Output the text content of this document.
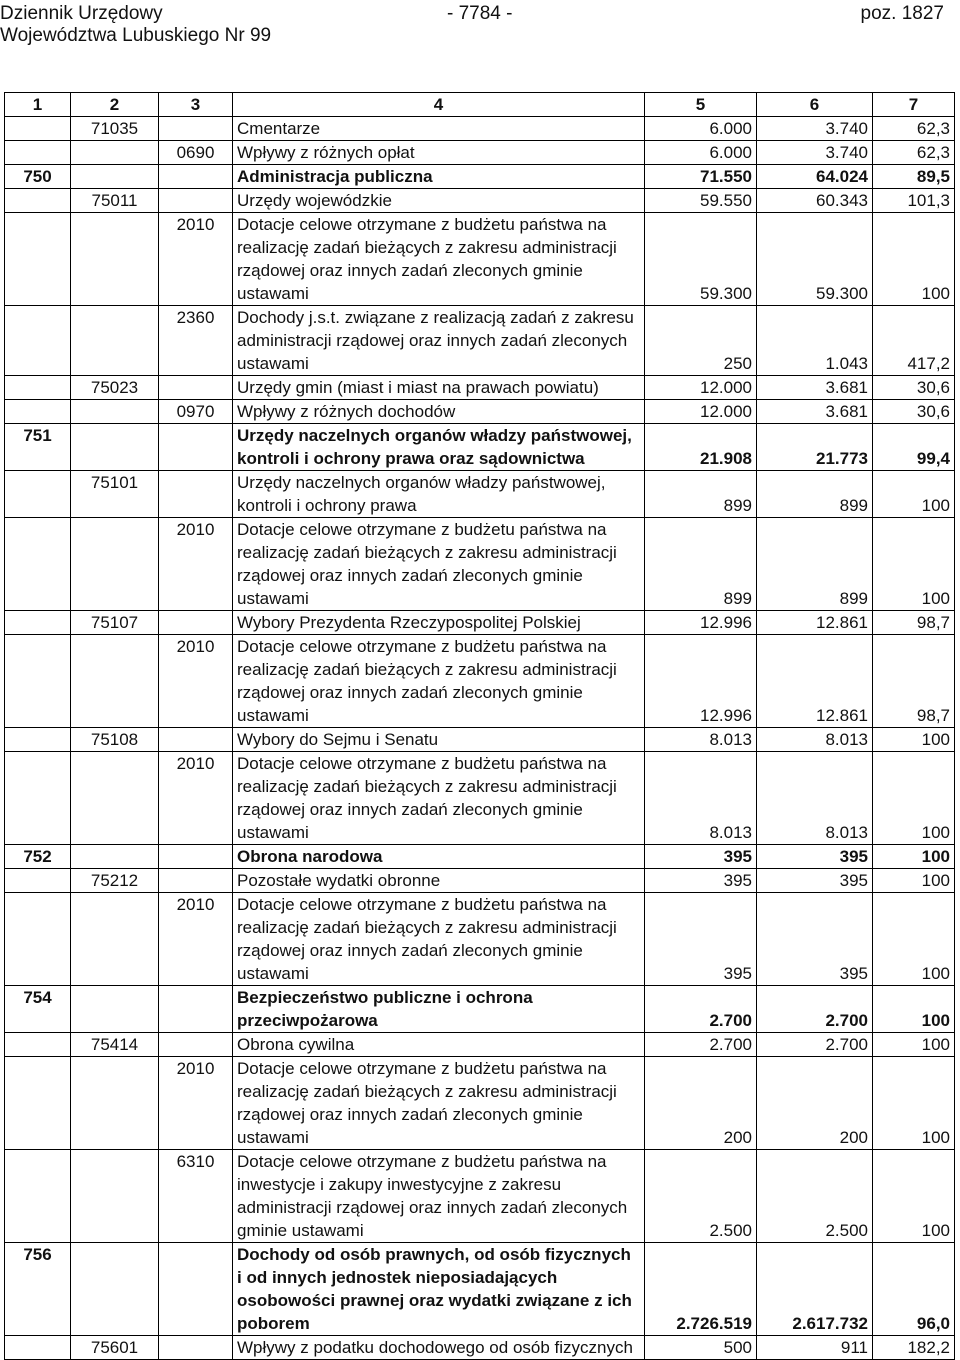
Dziennik Urzędowy
Województwa Lubuskiego Nr 99
- 7784 -	poz. 1827
1	2	3	4	5	6	7
	71035		Cmentarze	6.000	3.740	62,3
		0690	Wpływy z różnych opłat	6.000	3.740	62,3
750			Administracja publiczna	71.550	64.024	89,5
	75011		Urzędy wojewódzkie	59.550	60.343	101,3
		2010	Dotacje celowe otrzymane z budżetu państwa na realizację zadań bieżących z zakresu administracji rządowej oraz innych zadań zleconych gminie ustawami	59.300	59.300	100
		2360	Dochody j.s.t. związane z realizacją zadań z zakresu administracji rządowej oraz innych zadań zleconych ustawami	250	1.043	417,2
	75023		Urzędy gmin (miast i miast na prawach powiatu)	12.000	3.681	30,6
		0970	Wpływy z różnych dochodów	12.000	3.681	30,6
751			Urzędy naczelnych organów władzy państwowej, kontroli i ochrony prawa oraz sądownictwa	21.908	21.773	99,4
	75101		Urzędy naczelnych organów władzy państwowej, kontroli i ochrony prawa	899	899	100
		2010	Dotacje celowe otrzymane z budżetu państwa na realizację zadań bieżących z zakresu administracji rządowej oraz innych zadań zleconych gminie ustawami	899	899	100
	75107		Wybory Prezydenta Rzeczypospolitej Polskiej	12.996	12.861	98,7
		2010	Dotacje celowe otrzymane z budżetu państwa na realizację zadań bieżących z zakresu administracji rządowej oraz innych zadań zleconych gminie ustawami	12.996	12.861	98,7
	75108		Wybory do Sejmu i Senatu	8.013	8.013	100
		2010	Dotacje celowe otrzymane z budżetu państwa na realizację zadań bieżących z zakresu administracji rządowej oraz innych zadań zleconych gminie ustawami	8.013	8.013	100
752			Obrona narodowa	395	395	100
	75212		Pozostałe wydatki obronne	395	395	100
		2010	Dotacje celowe otrzymane z budżetu państwa na realizację zadań bieżących z zakresu administracji rządowej oraz innych zadań zleconych gminie ustawami	395	395	100
754			Bezpieczeństwo publiczne i ochrona przeciwpożarowa	2.700	2.700	100
	75414		Obrona cywilna	2.700	2.700	100
		2010	Dotacje celowe otrzymane z budżetu państwa na realizację zadań bieżących z zakresu administracji rządowej oraz innych zadań zleconych gminie ustawami	200	200	100
		6310	Dotacje celowe otrzymane z budżetu państwa na inwestycje i zakupy inwestycyjne z zakresu administracji rządowej oraz innych zadań zleconych gminie ustawami	2.500	2.500	100
756			Dochody od osób prawnych, od osób fizycznych i od innych jednostek nieposiadających osobowości prawnej oraz wydatki związane z ich poborem	2.726.519	2.617.732	96,0
	75601		Wpływy z podatku dochodowego od osób fizycznych	500	911	182,2
